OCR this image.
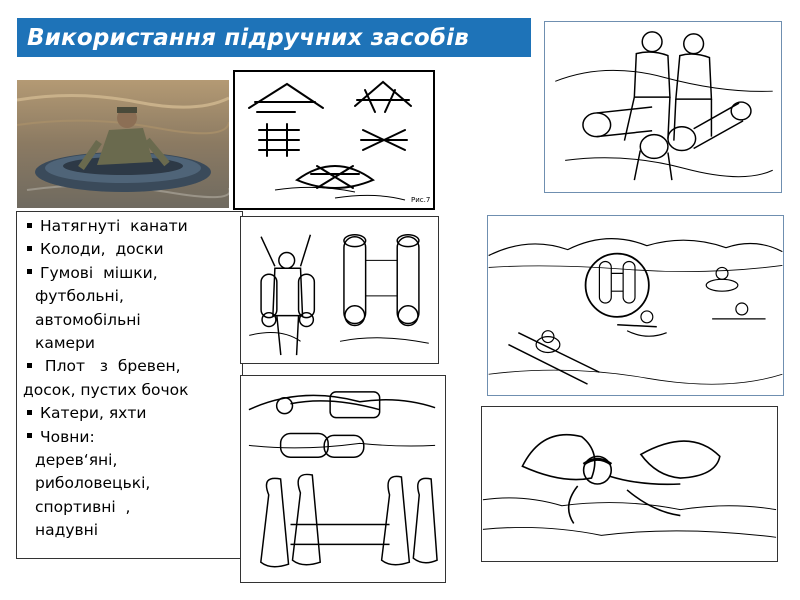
Використання підручних засобів
Рис.7
Натягнуті  канати
Колоди,  доски
Гумові  мішки,
футбольні,
автомобільні
камери
Плот   з  бревен,
досок, пустих бочок
Катери, яхти
Човни:
дерев‘яні,
риболовецькі,
спортивні  ,
надувні
